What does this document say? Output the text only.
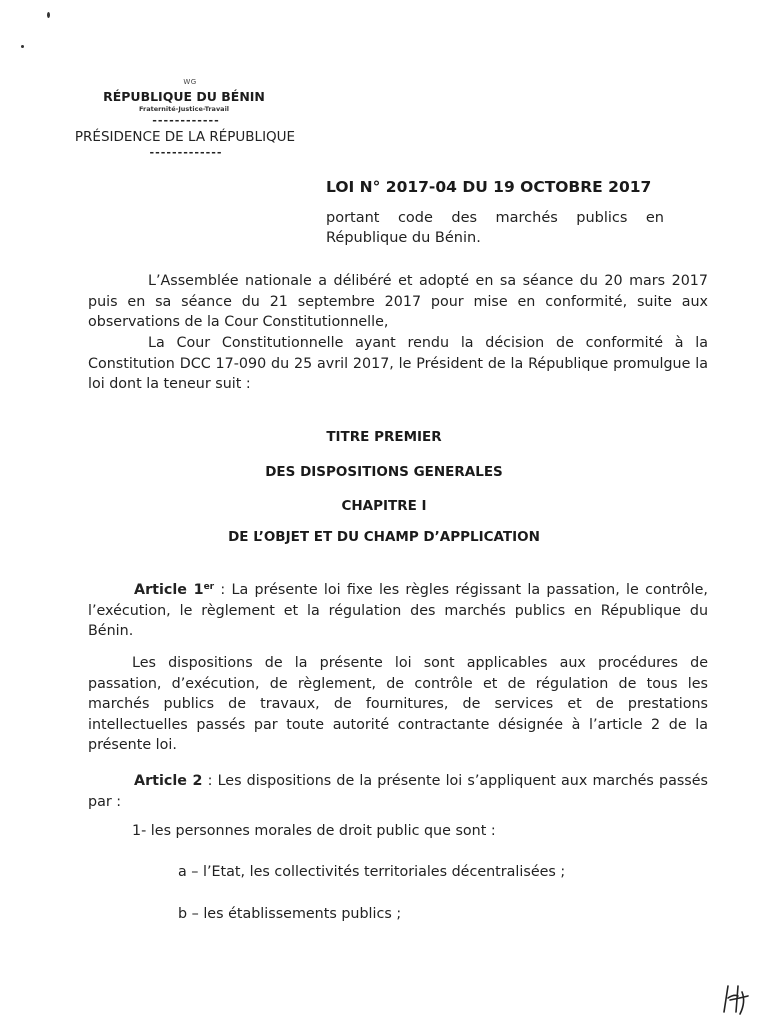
WG
RÉPUBLIQUE DU BÉNIN
Fraternité-Justice-Travail
------------
PRÉSIDENCE DE LA RÉPUBLIQUE
-------------
LOI N° 2017-04 DU 19 OCTOBRE 2017
portant code des marchés publics en République du Bénin.
L’Assemblée nationale a délibéré et adopté en sa séance du 20 mars 2017 puis en sa séance du 21 septembre 2017 pour mise en conformité, suite aux observations de la Cour Constitutionnelle,
La Cour Constitutionnelle ayant rendu la décision de conformité à la Constitution DCC 17-090 du 25 avril 2017, le Président de la République promulgue la loi dont la teneur suit :
TITRE PREMIER
DES DISPOSITIONS GENERALES
CHAPITRE I
DE L’OBJET ET DU CHAMP D’APPLICATION
Article 1er : La présente loi fixe les règles régissant la passation, le contrôle, l’exécution, le règlement et la régulation des marchés publics en République du Bénin.
Les dispositions de la présente loi sont applicables aux procédures de passation, d’exécution, de règlement, de contrôle et de régulation de tous les marchés publics de travaux, de fournitures, de services et de prestations intellectuelles passés par toute autorité contractante désignée à l’article 2 de la présente loi.
Article 2 : Les dispositions de la présente loi s’appliquent aux marchés passés par :
1- les personnes morales de droit public que sont :
a – l’Etat, les collectivités territoriales décentralisées ;
b – les établissements publics ;
